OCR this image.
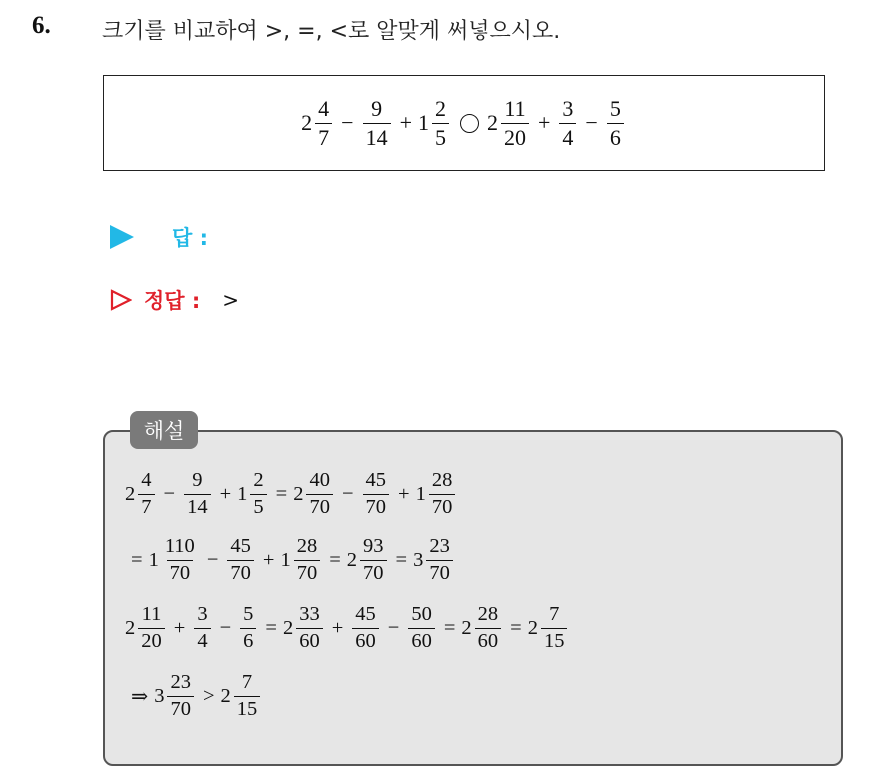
6. 크기를 비교하여 >, =, <로 알맞게 써넣으시오.
$2 \frac{4}{7} - \frac{9}{14} + 1 \frac{2}{5} 2 \frac{11}{20} + \frac{3}{4} - \frac{5}{6}$
답 :
정답 : >
$2 \frac{4}{7} - \frac{9}{14} + 1 \frac{2}{5} = 2 \frac{40}{70} - \frac{45}{70} + 1 \frac{28}{70}$
= $1 \frac{110}{70} - \frac{45}{70} + 1 \frac{28}{70} = 2 \frac{93}{70} = 3 \frac{23}{70}$
$2 \frac{11}{20} + \frac{3}{4} - \frac{5}{6} = 2 \frac{33}{60} + \frac{45}{60} - \frac{50}{60} = 2 \frac{28}{60} = 2 \frac{7}{15}$
⇒ $3 \frac{23}{70} > 2 \frac{7}{15}$
해설
